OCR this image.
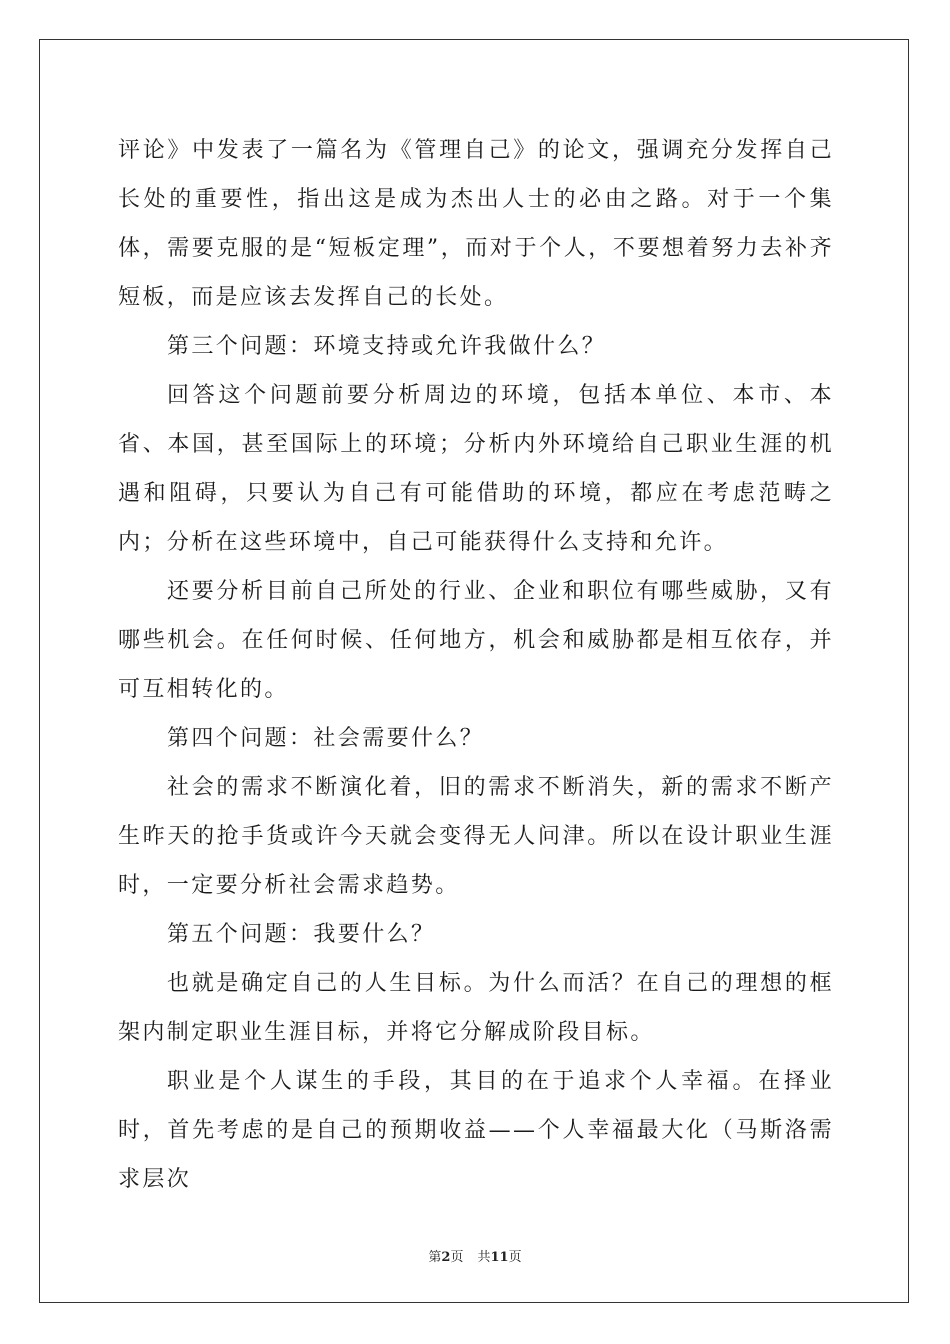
评论》中发表了一篇名为《管理自己》的论文，强调充分发挥自己长处的重要性，指出这是成为杰出人士的必由之路。对于一个集体，需要克服的是“短板定理”，而对于个人，不要想着努力去补齐短板，而是应该去发挥自己的长处。

第三个问题：环境支持或允许我做什么？

回答这个问题前要分析周边的环境，包括本单位、本市、本省、本国，甚至国际上的环境；分析内外环境给自己职业生涯的机遇和阻碍，只要认为自己有可能借助的环境，都应在考虑范畴之内；分析在这些环境中，自己可能获得什么支持和允许。

还要分析目前自己所处的行业、企业和职位有哪些威胁，又有哪些机会。在任何时候、任何地方，机会和威胁都是相互依存，并可互相转化的。

第四个问题：社会需要什么？

社会的需求不断演化着，旧的需求不断消失，新的需求不断产生昨天的抢手货或许今天就会变得无人问津。所以在设计职业生涯时，一定要分析社会需求趋势。

第五个问题：我要什么？

也就是确定自己的人生目标。为什么而活？在自己的理想的框架内制定职业生涯目标，并将它分解成阶段目标。

职业是个人谋生的手段，其目的在于追求个人幸福。在择业时，首先考虑的是自己的预期收益——个人幸福最大化（马斯洛需求层次

第2页 共11页
